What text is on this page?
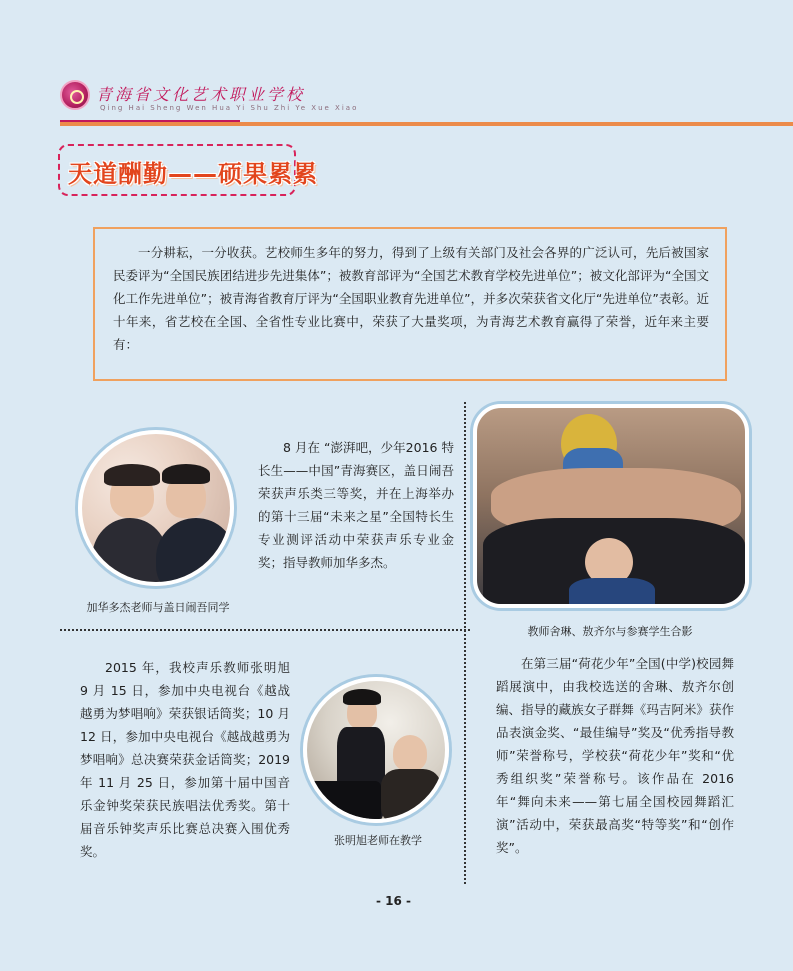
青海省文化艺术职业学校
Qing Hai Sheng Wen Hua Yi Shu Zhi Ye Xue Xiao
天道酬勤——硕果累累

一分耕耘，一分收获。艺校师生多年的努力，得到了上级有关部门及社会各界的广泛认可，先后被国家民委评为“全国民族团结进步先进集体”；被教育部评为“全国艺术教育学校先进单位”；被文化部评为“全国文化工作先进单位”；被青海省教育厅评为“全国职业教育先进单位”，并多次荣获省文化厅“先进单位”表彰。近十年来，省艺校在全国、全省性专业比赛中，荣获了大量奖项，为青海艺术教育赢得了荣誉，近年来主要有：

加华多杰老师与盖日闹吾同学

8 月在 “澎湃吧，少年2016 特长生——中国”青海赛区，盖日闹吾荣获声乐类三等奖，并在上海举办的第十三届“未来之星”全国特长生专业测评活动中荣获声乐专业金奖；指导教师加华多杰。

教师舍琳、敖齐尔与参赛学生合影

在第三届“荷花少年”全国(中学)校园舞蹈展演中，由我校选送的舍琳、敖齐尔创编、指导的藏族女子群舞《玛吉阿米》获作品表演金奖、“最佳编导”奖及“优秀指导教师”荣誉称号，学校获“荷花少年”奖和“优秀组织奖”荣誉称号。该作品在 2016 年“舞向未来——第七届全国校园舞蹈汇演”活动中，荣获最高奖“特等奖”和“创作奖”。

2015 年，我校声乐教师张明旭 9 月 15 日，参加中央电视台《越战越勇为梦唱响》荣获银话筒奖；10 月 12 日，参加中央电视台《越战越勇为梦唱响》总决赛荣获金话筒奖；2019 年 11 月 25 日，参加第十届中国音乐金钟奖荣获民族唱法优秀奖。第十届音乐钟奖声乐比赛总决赛入围优秀奖。

张明旭老师在教学
- 16 -
